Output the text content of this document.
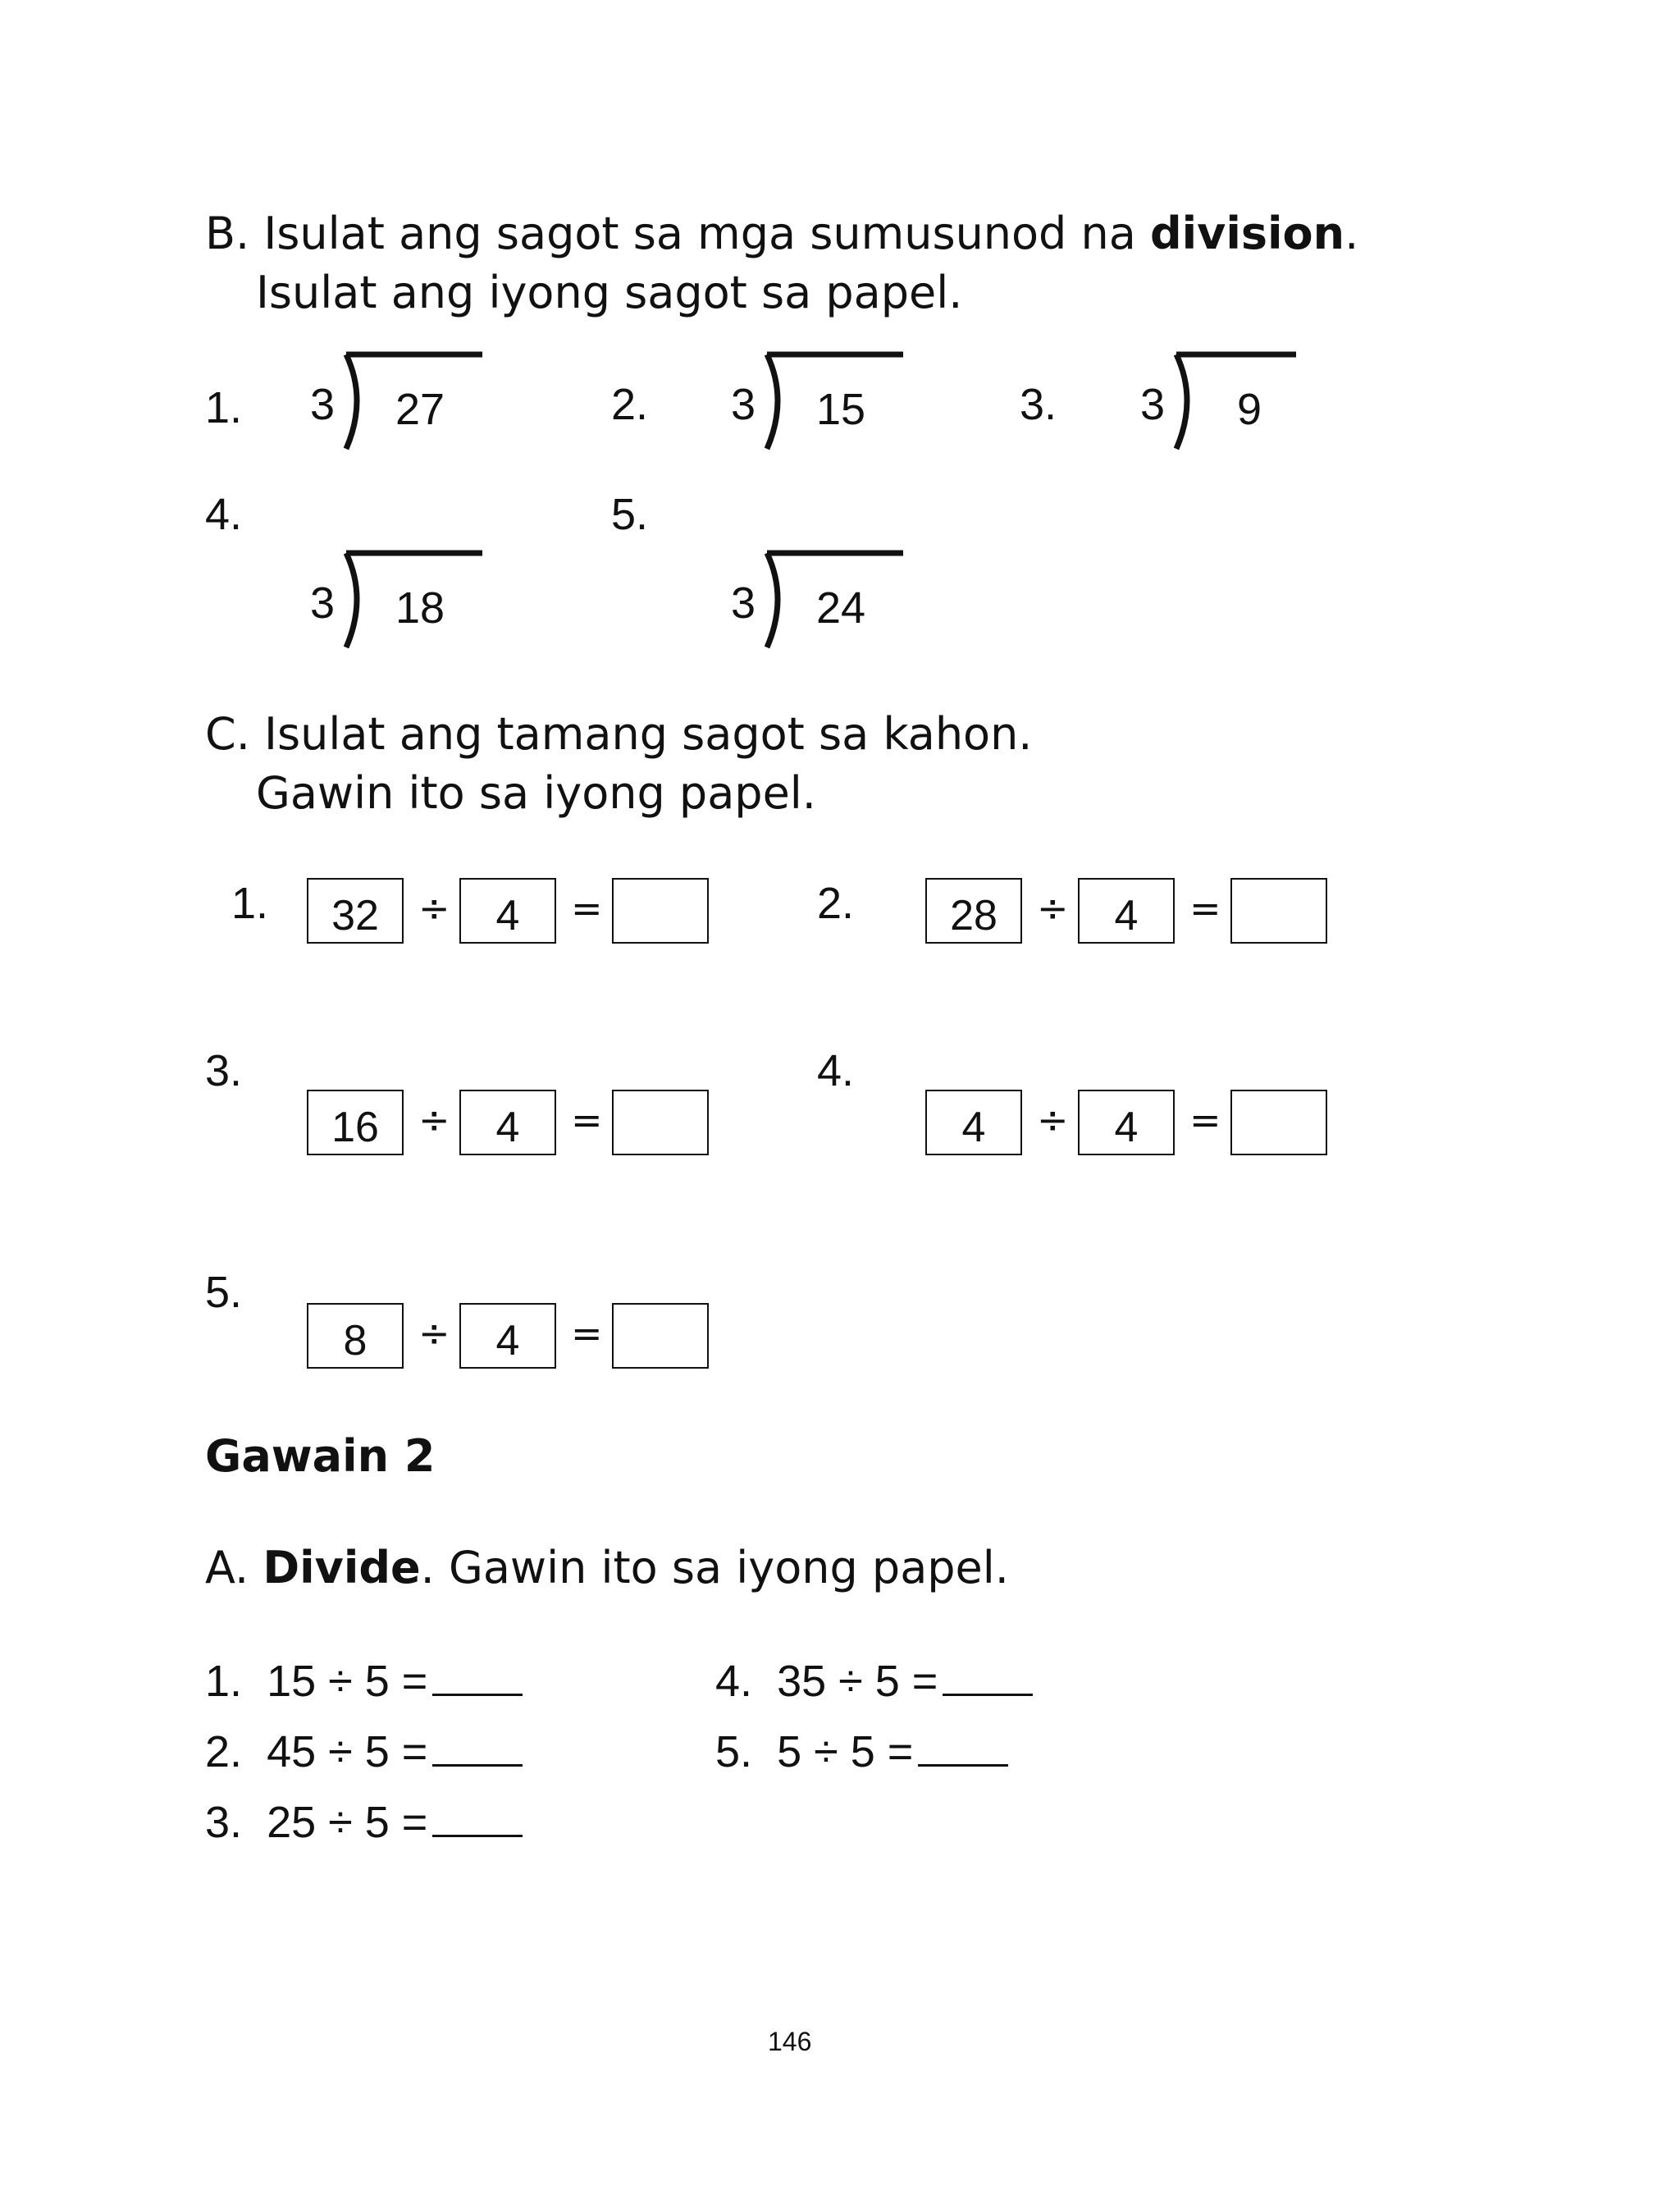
B. Isulat ang sagot sa mga sumusunod na division.
Isulat ang iyong sagot sa papel.
1.	2.	3.
4.	5.
3 27	3 15	3 9
3 18	3 24
C. Isulat ang tamang sagot sa kahon.
Gawin ito sa iyong papel.
1.	2.
3.	4.
5.
32	÷	4	=	28	÷	4	=
16	÷	4	=	4	÷	4	=
8	÷	4	=
Gawain 2
A. Divide. Gawin ito sa iyong papel.
1. 15 ÷ 5 =
2. 45 ÷ 5 =
3. 25 ÷ 5 =
4. 35 ÷ 5 =
5. 5 ÷ 5 =
146
